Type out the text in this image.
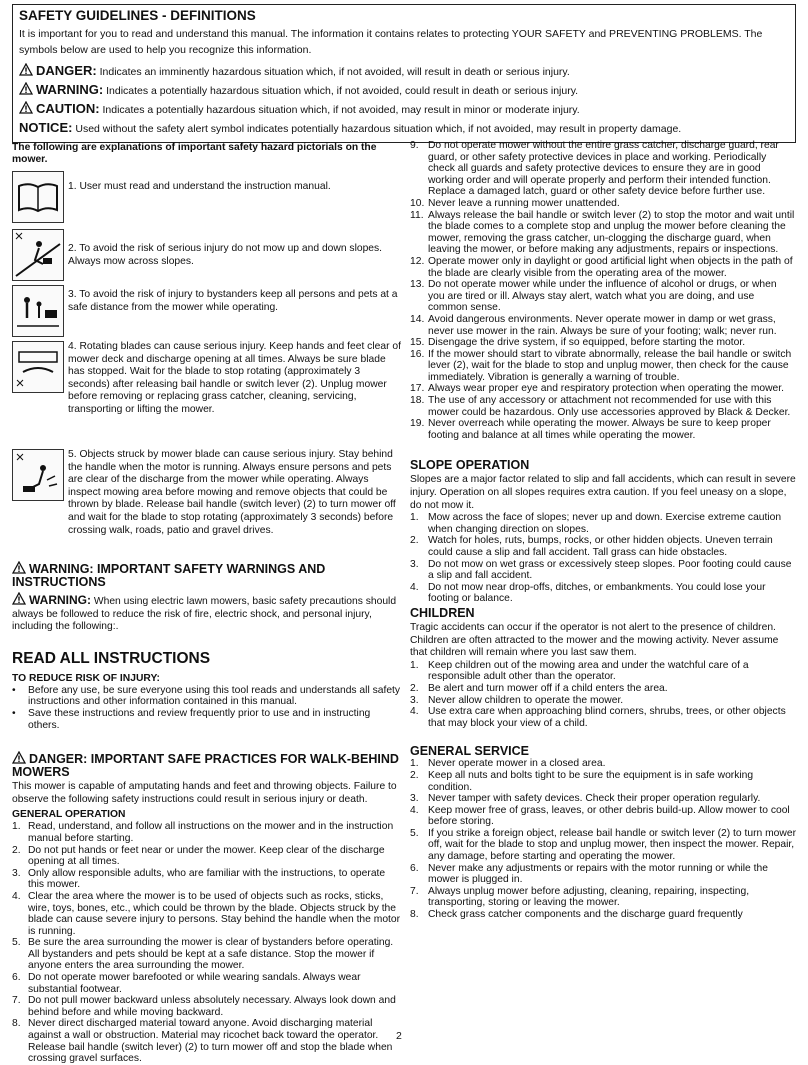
SAFETY GUIDELINES - DEFINITIONS

It is important for you to read and understand this manual. The information it contains relates to protecting YOUR SAFETY and PREVENTING PROBLEMS. The symbols below are used to help you recognize this information.

DANGER: Indicates an imminently hazardous situation which, if not avoided, will result in death or serious injury.

WARNING: Indicates a potentially hazardous situation which, if not avoided, could result in death or serious injury.

CAUTION: Indicates a potentially hazardous situation which, if not avoided, may result in minor or moderate injury.

NOTICE: Used without the safety alert symbol indicates potentially hazardous situation which, if not avoided, may result in property damage.

The following are explanations of important safety hazard pictorials on the mower.

1. User must read and understand the instruction manual.

2. To avoid the risk of serious injury do not mow up and down slopes. Always mow across slopes.

3. To avoid the risk of injury to bystanders keep all persons and pets at a safe distance from the mower while operating.

4. Rotating blades can cause serious injury. Keep hands and feet clear of mower deck and discharge opening at all times. Always be sure blade has stopped. Wait for the blade to stop rotating (approximately 3 seconds) after releasing bail handle or switch lever (2). Unplug mower before removing or replacing grass catcher, cleaning, servicing, transporting or lifting the mower.

5. Objects struck by mower blade can cause serious injury. Stay behind the handle when the motor is running. Always ensure persons and pets are clear of the discharge from the mower while operating. Always inspect mowing area before mowing and remove objects that could be thrown by blade. Release bail handle (switch lever) (2) to turn mower off and wait for the blade to stop rotating (approximately 3 seconds) before crossing walk, roads, patio and gravel drives.

WARNING: IMPORTANT SAFETY WARNINGS AND INSTRUCTIONS

WARNING: When using electric lawn mowers, basic safety precautions should always be followed to reduce the risk of fire, electric shock, and personal injury, including the following:.

READ ALL INSTRUCTIONS

TO REDUCE RISK OF INJURY:

• Before any use, be sure everyone using this tool reads and understands all safety instructions and other information contained in this manual.
• Save these instructions and review frequently prior to use and in instructing others.

DANGER: IMPORTANT SAFE PRACTICES FOR WALK-BEHIND MOWERS

This mower is capable of amputating hands and feet and throwing objects. Failure to observe the following safety instructions could result in serious injury or death.

GENERAL OPERATION

1. Read, understand, and follow all instructions on the mower and in the instruction manual before starting.
2. Do not put hands or feet near or under the mower. Keep clear of the discharge opening at all times.
3. Only allow responsible adults, who are familiar with the instructions, to operate this mower.
4. Clear the area where the mower is to be used of objects such as rocks, sticks, wire, toys, bones, etc., which could be thrown by the blade. Objects struck by the blade can cause severe injury to persons. Stay behind the handle when the motor is running.
5. Be sure the area surrounding the mower is clear of bystanders before operating. All bystanders and pets should be kept at a safe distance. Stop the mower if anyone enters the area surrounding the mower.
6. Do not operate mower barefooted or while wearing sandals. Always wear substantial footwear.
7. Do not pull mower backward unless absolutely necessary. Always look down and behind before and while moving backward.
8. Never direct discharged material toward anyone. Avoid discharging material against a wall or obstruction. Material may ricochet back toward the operator. Release bail handle (switch lever) (2) to turn mower off and stop the blade when crossing gravel surfaces.
9. Do not operate mower without the entire grass catcher, discharge guard, rear guard, or other safety protective devices in place and working. Periodically check all guards and safety protective devices to ensure they are in good working order and will operate properly and perform their intended function. Replace a damaged latch, guard or other safety device before further use.
10. Never leave a running mower unattended.
11. Always release the bail handle or switch lever (2) to stop the motor and wait until the blade comes to a complete stop and unplug the mower before cleaning the mower, removing the grass catcher, un-clogging the discharge guard, when leaving the mower, or before making any adjustments, repairs or inspections.
12. Operate mower only in daylight or good artificial light when objects in the path of the blade are clearly visible from the operating area of the mower.
13. Do not operate mower while under the influence of alcohol or drugs, or when you are tired or ill. Always stay alert, watch what you are doing, and use common sense.
14. Avoid dangerous environments. Never operate mower in damp or wet grass, never use mower in the rain. Always be sure of your footing; walk; never run.
15. Disengage the drive system, if so equipped, before starting the motor.
16. If the mower should start to vibrate abnormally, release the bail handle or switch lever (2), wait for the blade to stop and unplug mower, then check for the cause immediately. Vibration is generally a warning of trouble.
17. Always wear proper eye and respiratory protection when operating the mower.
18. The use of any accessory or attachment not recommended for use with this mower could be hazardous. Only use accessories approved by Black & Decker.
19. Never overreach while operating the mower. Always be sure to keep proper footing and balance at all times while operating the mower.

SLOPE OPERATION

Slopes are a major factor related to slip and fall accidents, which can result in severe injury. Operation on all slopes requires extra caution. If you feel uneasy on a slope, do not mow it.

1. Mow across the face of slopes; never up and down. Exercise extreme caution when changing direction on slopes.
2. Watch for holes, ruts, bumps, rocks, or other hidden objects. Uneven terrain could cause a slip and fall accident. Tall grass can hide obstacles.
3. Do not mow on wet grass or excessively steep slopes. Poor footing could cause a slip and fall accident.
4. Do not mow near drop-offs, ditches, or embankments. You could lose your footing or balance.

CHILDREN

Tragic accidents can occur if the operator is not alert to the presence of children. Children are often attracted to the mower and the mowing activity. Never assume that children will remain where you last saw them.

1. Keep children out of the mowing area and under the watchful care of a responsible adult other than the operator.
2. Be alert and turn mower off if a child enters the area.
3. Never allow children to operate the mower.
4. Use extra care when approaching blind corners, shrubs, trees, or other objects that may block your view of a child.

GENERAL SERVICE

1. Never operate mower in a closed area.
2. Keep all nuts and bolts tight to be sure the equipment is in safe working condition.
3. Never tamper with safety devices. Check their proper operation regularly.
4. Keep mower free of grass, leaves, or other debris build-up. Allow mower to cool before storing.
5. If you strike a foreign object, release bail handle or switch lever (2) to turn mower off, wait for the blade to stop and unplug mower, then inspect the mower. Repair, any damage, before starting and operating the mower.
6. Never make any adjustments or repairs with the motor running or while the mower is plugged in.
7. Always unplug mower before adjusting, cleaning, repairing, inspecting, transporting, storing or leaving the mower.
8. Check grass catcher components and the discharge guard frequently
2
